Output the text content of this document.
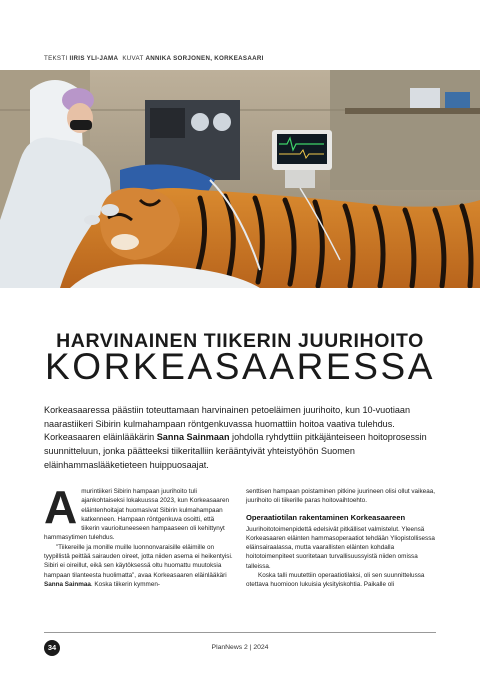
TEKSTI IIRIS YLI-JAMA KUVAT ANNIKA SORJONEN, KORKEASAARI
HARVINAINEN TIIKERIN JUURIHOITO
KORKEASAARESSA

Korkeasaaressa päästiin toteuttamaan harvinainen petoeläimen juurihoito, kun 10-vuotiaan naarastiikeri Sibirin kulmahampaan röntgenkuvassa huomattiin hoitoa vaativa tulehdus. Korkeasaaren eläinlääkärin Sanna Sainmaan johdolla ryhdyttiin pitkäjänteiseen hoitoprosessin suunnitteluun, jonka päätteeksi tiikeritalliin kerääntyivät yhteistyöhön Suomen eläinhammaslääketieteen huippuosaajat.

A murintiikeri Sibirin hampaan juurihoito tuli ajankohtaiseksi lokakuussa 2023, kun Korkeasaaren eläintenhoitajat huomasivat Sibirin kulmahampaan katkenneen. Hampaan röntgenkuva osoitti, että tiikerin vaurioituneeseen hampaaseen oli kehittynyt hammasytimen tulehdus.

”Tiikereille ja monille muille luonnonvaraisille eläimille on tyypillistä peittää sairauden oireet, jotta niiden asema ei heikentyisi. Sibiri ei oireillut, eikä sen käytöksessä oltu huomattu muutoksia hampaan tilanteesta huolimatta”, avaa Korkeasaaren eläinlääkäri Sanna Sainmaa. Koska tiikerin kymmen-

senttisen hampaan poistaminen pitkine juurineen olisi ollut vaikeaa, juurihoito oli tiikerille paras hoitovaihtoehto.

Operaatiotilan rakentaminen Korkeasaareen

Juurihoitotoimenpidettä edelsivät pitkälliset valmistelut. Yleensä Korkeasaaren eläinten hammasoperaatiot tehdään Yliopistollisessa eläinsairaalassa, mutta vaarallisten eläinten kohdalla hoitotoimenpiteet suoritetaan turvallisuussyistä niiden omissa talleissa.

Koska talli muutettiin operaatiotilaksi, oli sen suunnittelussa otettava huomioon lukuisia yksityiskohtia. Paikalle oli

34	PlanNews 2 | 2024
